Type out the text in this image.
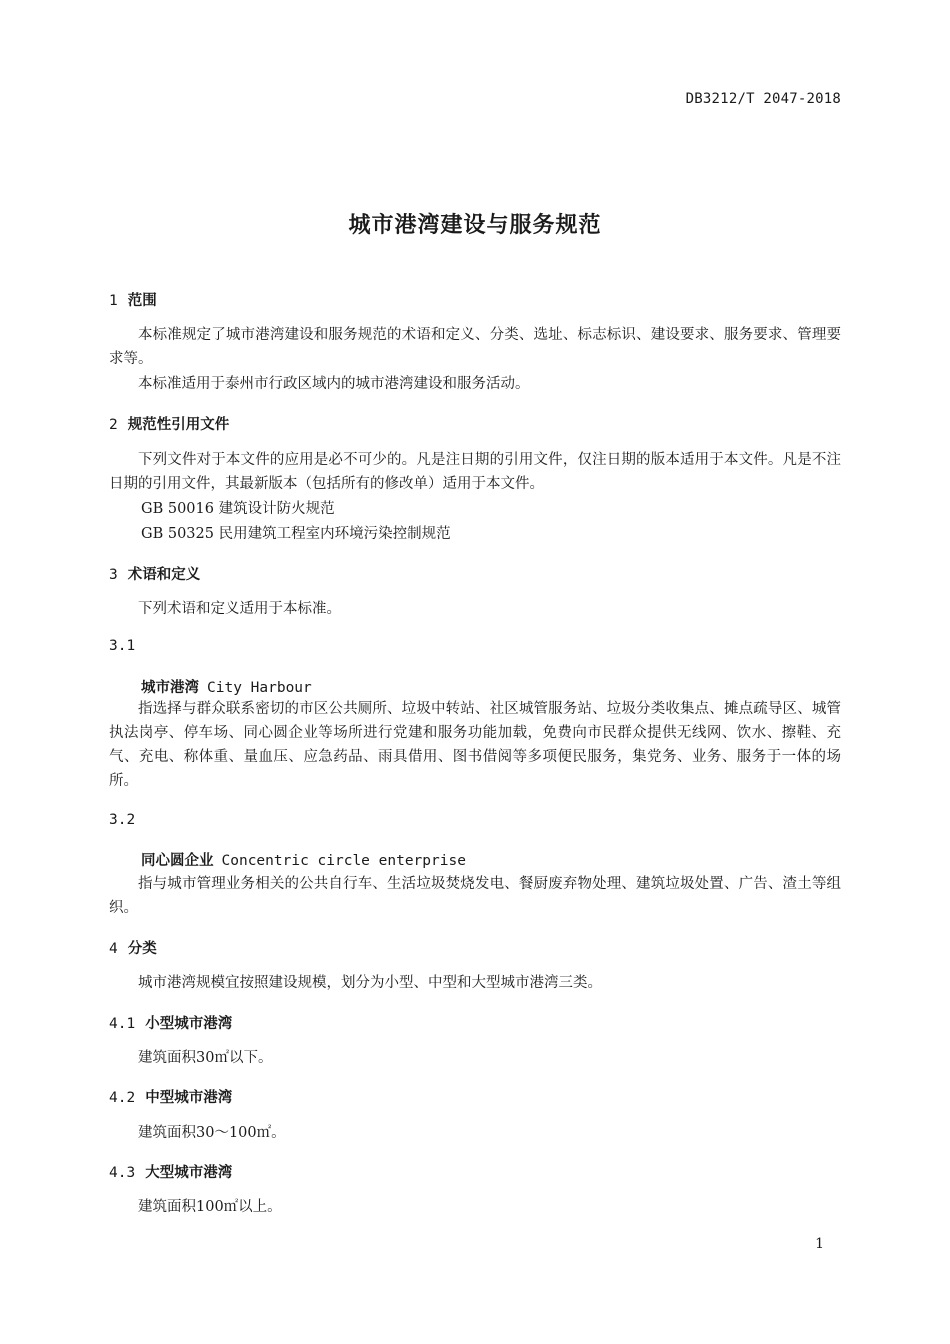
DB3212/T 2047-2018
城市港湾建设与服务规范
1 范围
本标准规定了城市港湾建设和服务规范的术语和定义、分类、选址、标志标识、建设要求、服务要求、管理要求等。
本标准适用于泰州市行政区域内的城市港湾建设和服务活动。
2 规范性引用文件
下列文件对于本文件的应用是必不可少的。凡是注日期的引用文件，仅注日期的版本适用于本文件。凡是不注日期的引用文件，其最新版本（包括所有的修改单）适用于本文件。
GB 50016 建筑设计防火规范
GB 50325 民用建筑工程室内环境污染控制规范
3 术语和定义
下列术语和定义适用于本标准。
3.1
城市港湾 City Harbour
指选择与群众联系密切的市区公共厕所、垃圾中转站、社区城管服务站、垃圾分类收集点、摊点疏导区、城管执法岗亭、停车场、同心圆企业等场所进行党建和服务功能加载，免费向市民群众提供无线网、饮水、擦鞋、充气、充电、称体重、量血压、应急药品、雨具借用、图书借阅等多项便民服务，集党务、业务、服务于一体的场所。
3.2
同心圆企业 Concentric circle enterprise
指与城市管理业务相关的公共自行车、生活垃圾焚烧发电、餐厨废弃物处理、建筑垃圾处置、广告、渣土等组织。
4 分类
城市港湾规模宜按照建设规模，划分为小型、中型和大型城市港湾三类。
4.1 小型城市港湾
建筑面积30㎡以下。
4.2 中型城市港湾
建筑面积30～100㎡。
4.3 大型城市港湾
建筑面积100㎡以上。
1
